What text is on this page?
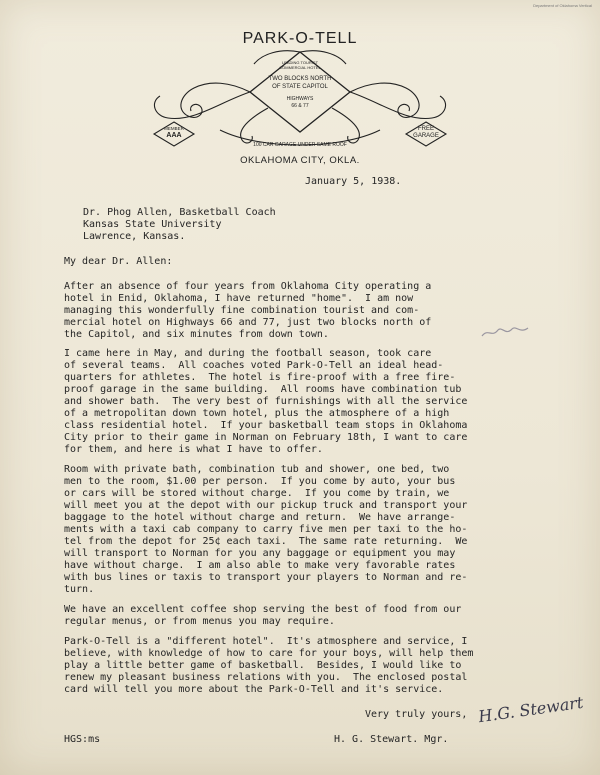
Department of Oklahoma Vertical
PARK-O-TELL
LEADING TOURIST
COMMERCIAL HOTEL
TWO BLOCKS NORTH
OF STATE CAPITOL
HIGHWAYS
66 & 77
MEMBER
AAA
FREE
GARAGE
100 CAR GARAGE UNDER SAME ROOF
OKLAHOMA CITY, OKLA.
January 5, 1938.
Dr. Phog Allen, Basketball Coach
Kansas State University
Lawrence, Kansas.
My dear Dr. Allen:
After an absence of four years from Oklahoma City operating a
hotel in Enid, Oklahoma, I have returned "home".  I am now
managing this wonderfully fine combination tourist and com-
mercial hotel on Highways 66 and 77, just two blocks north of
the Capitol, and six minutes from down town.
I came here in May, and during the football season, took care
of several teams.  All coaches voted Park-O-Tell an ideal head-
quarters for athletes.  The hotel is fire-proof with a free fire-
proof garage in the same building.  All rooms have combination tub
and shower bath.  The very best of furnishings with all the service
of a metropolitan down town hotel, plus the atmosphere of a high
class residential hotel.  If your basketball team stops in Oklahoma
City prior to their game in Norman on February 18th, I want to care
for them, and here is what I have to offer.
Room with private bath, combination tub and shower, one bed, two
men to the room, $1.00 per person.  If you come by auto, your bus
or cars will be stored without charge.  If you come by train, we
will meet you at the depot with our pickup truck and transport your
baggage to the hotel without charge and return.  We have arrange-
ments with a taxi cab company to carry five men per taxi to the ho-
tel from the depot for 25¢ each taxi.  The same rate returning.  We
will transport to Norman for you any baggage or equipment you may
have without charge.  I am also able to make very favorable rates
with bus lines or taxis to transport your players to Norman and re-
turn.
We have an excellent coffee shop serving the best of food from our
regular menus, or from menus you may require.
Park-O-Tell is a "different hotel".  It's atmosphere and service, I
believe, with knowledge of how to care for your boys, will help them
play a little better game of basketball.  Besides, I would like to
renew my pleasant business relations with you.  The enclosed postal
card will tell you more about the Park-O-Tell and it's service.
Very truly yours, H.G. Stewart
HGS:ms	H. G. Stewart. Mgr.
